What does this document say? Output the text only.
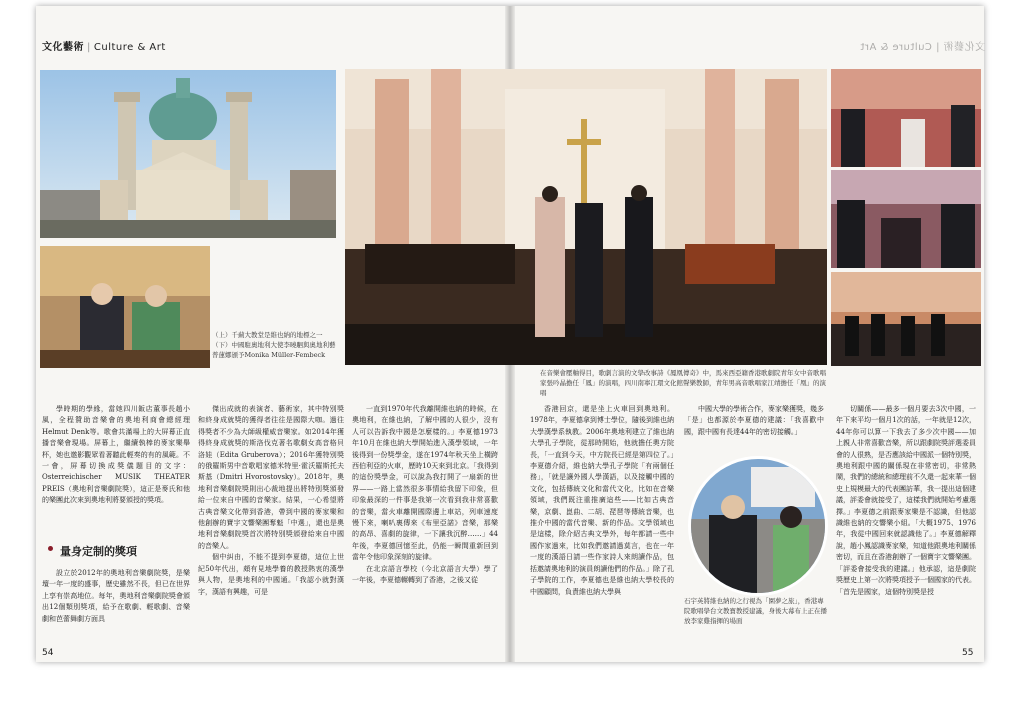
文化藝術 | Culture & Art	文化藝術 | Culture & Art
（上）千薊大教堂是維也納的地標之一（下）中國駐奧地利大使李曉駟與奧地利藝普蓮娜頒予Monika Müller-Fembeck
在音樂會壓軸得目，歌劇言演的文學改事詩《鳳凰傳奇》中，馬來西亞籍香港歌劇院青年女中音歌唱家張吟晶擔任「鳳」的演唱，四川南寧江環文化館聲樂教師，青年男高音歌唱家江靖擔任「凰」的演唱

學時期的學緣，當她四川飯店董事長趙小風，全程贊助音樂會的奧地利商會總經理Helmut Denk等。歌會共滿場上的大屏幕正直播音樂會現場。屏幕上，繼續執棒的麥家樂舉杯，她也邀影觀眾看著聽此輕奏的有的風範。不一會，屏幕切換成獎儀題目的文字：Osterreichischer MUSIK THEATER PREIS（奧地利音樂劇院獎），這正是麥氏和他的樂團此次來到奧地利將要頒授的獎項。

量身定制的獎項

設立於2012年的奧地利音樂劇院獎，是樂壇一年一度的盛事，歷史雖然不長，但已在世界上享有崇高地位。每年，奧地利音樂劇院獎會頒出12個類別獎項，給予在歌劇、輕歌劇、音樂劇和芭蕾舞劇方面具

傑出成就的表演者、藝術家，其中特別獎和終身成就獎的獲得者往往是國際大咖。過往得獎者不少為大師級權威音樂家。如2014年獲得終身成就獎的斯洛伐克著名歌劇女高音格貝洛娃（Edita Gruberova）；2016年獲特別獎的俄羅斯男中音歌唱家德米特里·霍沃羅斯托夫斯基（Dmitri Hvorostovsky）。2018年，奧地利音樂劇院獎則出心裁地提出將特別獎頒發給一位來自中國的音樂家。結果，一心希望將古典音樂文化帶到香港，帶到中國的麥家樂和他創辦的寶宇文響樂團奪魁「中選」，還也是奧地利音樂劇院獎首次將特別獎頒發給來自中國的音樂人。

個中糾由，不能不提到李夏德，這位上世紀50年代出，頗有見地學養的教授熱衷的漢學與人物，是奧地利的中國通。「我認小就對漢字，漢語有興趣，可是

一直到1970年代我離開維也納的時候，在奧地利，在維也納，了解中國的人很少，沒有人可以告訴我中國是怎麼樣的。」李夏德1973年10月在維也納大學開始進入漢學領域，一年後得到一份獎學金，遂在1974年秋天坐上橫跨西伯利亞的火車，歷時10天來到北京。「我得到的這份獎學金，可以說為我打開了一扇新的世界——一路上當然很多事情給我留下印象，但印象最深的一件事是我第一次看到我非常喜歡的音樂，當火車離開國際邊上車站，列車速度慢下來，喇叭裏傳來《布里亞諾》音樂，那樂的高昂、喜劇的旋律，一下讓我沉醉……」44年後，李夏德回憶至此，仍能一瞬間重新回到當年令他印象深刻的旋律。

在北京語言學校（今北京語言大學）學了一年後，李夏德輾轉到了香港，之後又從

香港回京，還是坐上火車回到奧地利。1978年，李夏德拿到博士學位，隨後到維也納大學漢學系執教。2006年奧地利建立了維也納大學孔子學院，從那時開始，他就擔任奧方院長，「一直到今天，中方院長已經是第四位了。」李夏德介紹，維也納大學孔子學院「有兩個任務」，「就是讓外國人學漢語，以及接觸中國的文化，包括傳統文化和當代文化，比如在音樂領域，我們既注重推廣這些——比如古典音樂，京劇、崑曲、二胡、琵琶等傳統音樂，也推介中國的當代音樂、新的作品。文學領域也是這樣，除介紹古典文學外，每年都請一些中國作家過來，比如我們邀請過莫言，也在一年一度的漢語日請一些作家詩人來朗讀作品，包括邀請奧地利的演員朗讀他們的作品。」除了孔子學院的工作，李夏德也是維也納大學校長的中國顧問，負責維也納大學與

中國大學的學術合作，麥家樂獲獎，幾多「是」也都源於李夏德的建議：「我喜歡中國，跟中國有長達44年的密切接觸。」

切關係——最多一個月要去3次中國，一年下來平均一個月1次的話，一年就是12次，44年你可以算一下我去了多少次中國——加上親人非常喜歡音樂，所以跟劇院獎評選委員會的人很熟，是否應該給中國派一個特別獎，奧地利跟中國的關係現在非常密切，非常熱鬧，我們的總統和總理前不久還一起來華一個史上規模最大的代表團訪華，我一提出這個建議，評委會就接受了，這樣我們就開始考慮選擇。」李夏德之前跟麥家樂是不認識，但他認識維也納的交響樂小組。「大概1975、1976年，我從中國回來就認識他了。」李夏德解釋說，趙小鳳認識麥家樂，知道他跟奧地利關係密切，而且在香港創辦了一個寶宇文響樂團。「評委會接受我的建議。」他承認，這是劇院獎歷史上第一次將獎項授予一個國家的代表。「首先是國家，這個特別獎是授

石宇英將維也納的之行視為「園夢之旅」，香港專院歌唱學台文教寶教授建議，身後大幕布上正在播放李家雞指揮的場面
54	55
